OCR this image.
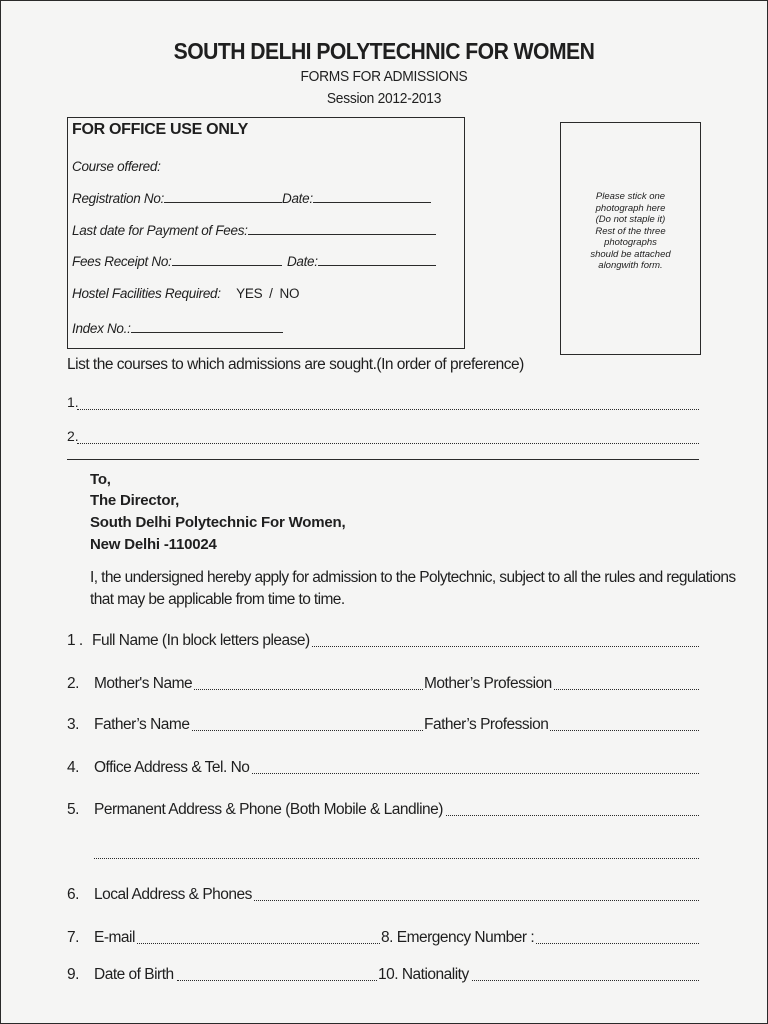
SOUTH DELHI POLYTECHNIC FOR WOMEN
FORMS FOR ADMISSIONS
Session 2012-2013
FOR OFFICE USE ONLY
Course offered:
Registration No:	Date:
Last date for Payment of Fees:
Fees Receipt No:	Date:
Hostel Facilities Required: YES  /  NO
Index No.:
Please stick one
photograph here
(Do not staple it)
Rest of the three
photographs
should be attached
alongwith form.
List the courses to which admissions are sought.(In order of preference)
1.
2.
To,
The Director,
South Delhi Polytechnic For Women,
New Delhi -110024
I, the undersigned hereby apply for admission to the Polytechnic, subject to all the rules and regulations
that may be applicable from time to time.
1 . Full Name (In block letters please)
2. Mother's Name	Mother’s Profession
3. Father’s Name	Father’s Profession
4. Office Address & Tel. No
5. Permanent Address & Phone (Both Mobile & Landline)
6. Local Address & Phones
7. E-mail	8. Emergency Number :
9. Date of Birth	10. Nationality
